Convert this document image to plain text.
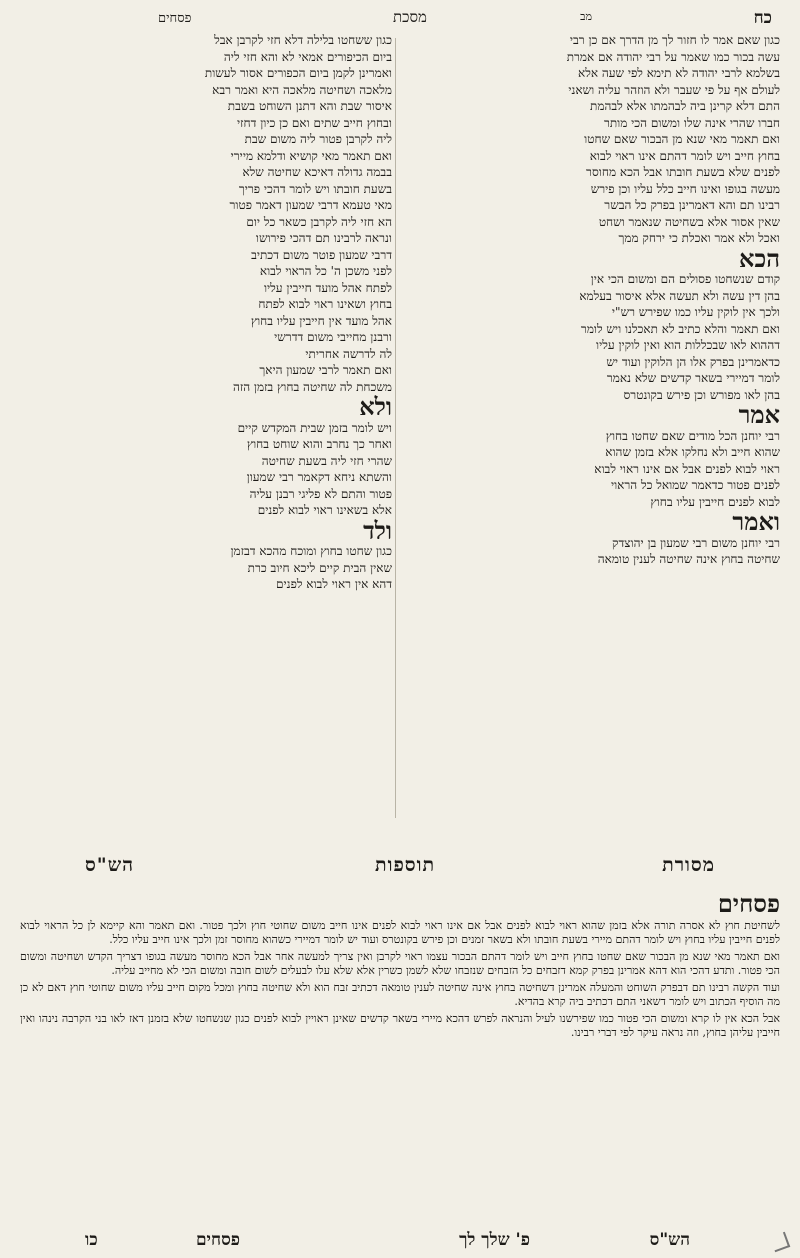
כח
מב
מסכת
פסחים

כגון שאם אמר לו חזור לך מן הדרך אם כן רבי

עשה בכור כמו שאמר על רבי יהודה אם אמרת

בשלמא לרבי יהודה לא תימא לפי שעה אלא

לעולם אף על פי שעבר ולא הוזהר עליה ושאני

התם דלא קרינן ביה לבהמתו אלא לבהמת

חברו שהרי אינה שלו ומשום הכי מותר

ואם תאמר מאי שנא מן הבכור שאם שחטו

בחוץ חייב ויש לומר דהתם אינו ראוי לבוא

לפנים שלא בשעת חובתו אבל הכא מחוסר

מעשה בגופו ואינו חייב כלל עליו וכן פירש

רבינו תם והא דאמרינן בפרק כל הבשר

שאין אסור אלא בשחיטה שנאמר ושחט

ואכל ולא אמר ואכלת כי ירחק ממך

הכא

קודם שנשחטו פסולים הם ומשום הכי אין

בהן דין עשה ולא תעשה אלא איסור בעלמא

ולכך אין לוקין עליו כמו שפירש רש"י

ואם תאמר והלא כתיב לא תאכלנו ויש לומר

דההוא לאו שבכללות הוא ואין לוקין עליו

כדאמרינן בפרק אלו הן הלוקין ועוד יש

לומר דמיירי בשאר קדשים שלא נאמר

בהן לאו מפורש וכן פירש בקונטרס

אמר

רבי יוחנן הכל מודים שאם שחטו בחוץ

שהוא חייב ולא נחלקו אלא בזמן שהוא

ראוי לבוא לפנים אבל אם אינו ראוי לבוא

לפנים פטור כדאמר שמואל כל הראוי

לבוא לפנים חייבין עליו בחוץ

ואמר

רבי יוחנן משום רבי שמעון בן יהוצדק

שחיטה בחוץ אינה שחיטה לענין טומאה

כגון ששחטו בלילה דלא חזי לקרבן אבל

ביום הכיפורים אמאי לא והא חזי ליה

ואמרינן לקמן ביום הכפורים אסור לעשות

מלאכה ושחיטה מלאכה היא ואמר רבא

איסור שבת והא דתנן השוחט בשבת

ובחוץ חייב שתים ואם כן כיון דחזי

ליה לקרבן פטור ליה משום שבת

ואם תאמר מאי קושיא ודלמא מיירי

בבמה גדולה דאיכא שחיטה שלא

בשעת חובתו ויש לומר דהכי פריך

מאי טעמא דרבי שמעון דאמר פטור

הא חזי ליה לקרבן כשאר כל יום

ונראה לרבינו תם דהכי פירושו

דרבי שמעון פוטר משום דכתיב

לפני משכן ה' כל הראוי לבוא

לפתח אהל מועד חייבין עליו

בחוץ ושאינו ראוי לבוא לפתח

אהל מועד אין חייבין עליו בחוץ

ורבנן מחייבי משום דדרשי

לה לדרשה אחריתי

ואם תאמר לרבי שמעון היאך

משכחת לה שחיטה בחוץ בזמן הזה

ולא

ויש לומר בזמן שבית המקדש קיים

ואחר כך נחרב והוא שוחט בחוץ

שהרי חזי ליה בשעת שחיטה

והשתא ניחא דקאמר רבי שמעון

פטור והתם לא פליגי רבנן עליה

אלא בשאינו ראוי לבוא לפנים

ולד

כגון שחטו בחוץ ומוכח מהכא דבזמן

שאין הבית קיים ליכא חיוב כרת

דהא אין ראוי לבוא לפנים

מסורת
תוספות
הש"ס

פסחים

לשחיטת חוץ לא אסרה תורה אלא בזמן שהוא ראוי לבוא לפנים אבל אם אינו ראוי לבוא לפנים אינו חייב משום שחוטי חוץ ולכך פטור. ואם תאמר והא קיימא לן כל הראוי לבוא לפנים חייבין עליו בחוץ ויש לומר דהתם מיירי בשעת חובתו ולא בשאר זמנים וכן פירש בקונטרס ועוד יש לומר דמיירי כשהוא מחוסר זמן ולכך אינו חייב עליו כלל.

ואם תאמר מאי שנא מן הבכור שאם שחטו בחוץ חייב ויש לומר דהתם הבכור עצמו ראוי לקרבן ואין צריך למעשה אחר אבל הכא מחוסר מעשה בגופו דצריך הקדש ושחיטה ומשום הכי פטור. ותדע דהכי הוא דהא אמרינן בפרק קמא דזבחים כל הזבחים שנזבחו שלא לשמן כשרין אלא שלא עלו לבעלים לשום חובה ומשום הכי לא מחייב עליה.

ועוד הקשה רבינו תם דבפרק השוחט והמעלה אמרינן דשחיטה בחוץ אינה שחיטה לענין טומאה דכתיב זבח הוא ולא שחיטה בחוץ ומכל מקום חייב עליו משום שחוטי חוץ דאם לא כן מה הוסיף הכתוב ויש לומר דשאני התם דכתיב ביה קרא בהדיא.

אבל הכא אין לו קרא ומשום הכי פטור כמו שפירשנו לעיל והנראה לפרש דהכא מיירי בשאר קדשים שאינן ראויין לבוא לפנים כגון שנשחטו שלא בזמנן דאז לאו בני הקרבה נינהו ואין חייבין עליהן בחוץ, וזה נראה עיקר לפי דברי רבינו.

פסחים	פ' שלך לך	הש"ס
כו
